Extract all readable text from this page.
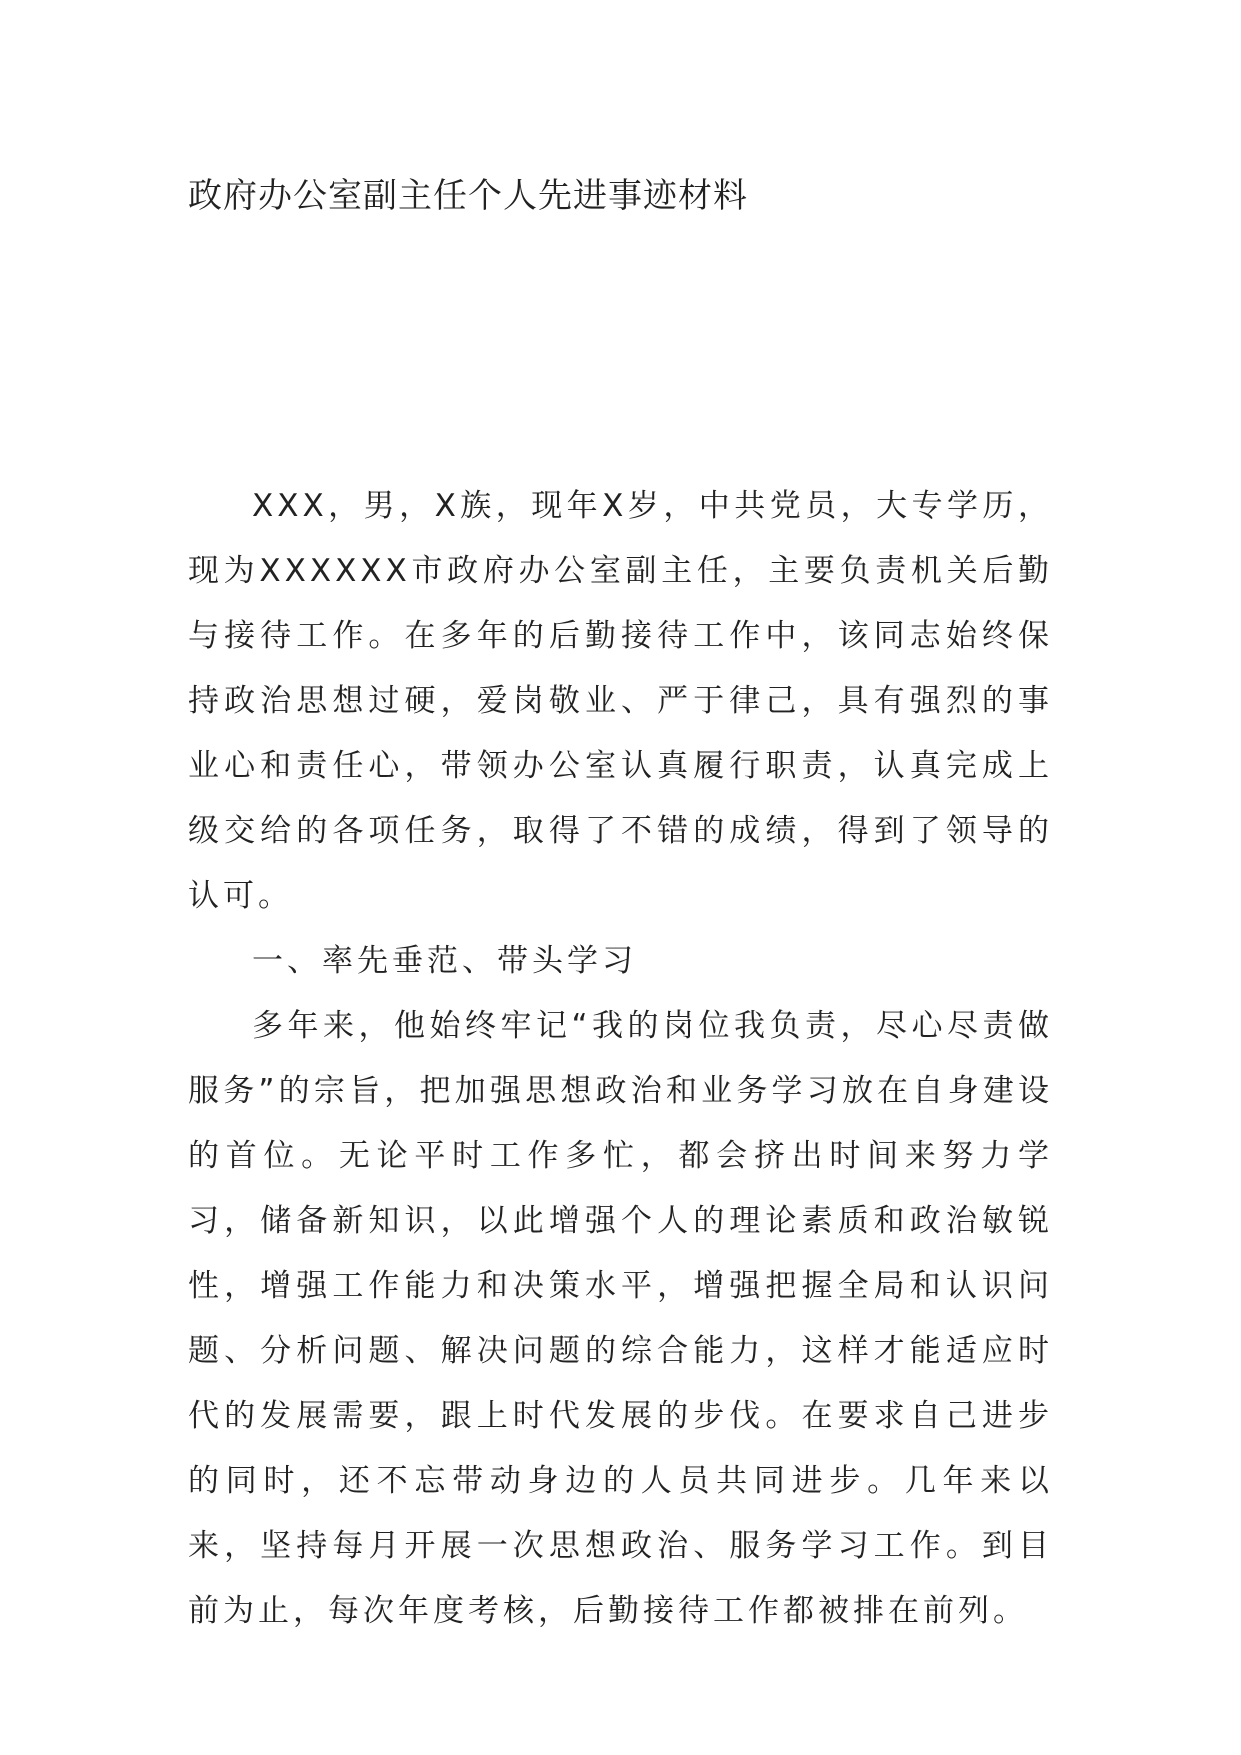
政府办公室副主任个人先进事迹材料

XXX，男，X族，现年X岁，中共党员，大专学历，现为XXXXXX市政府办公室副主任，主要负责机关后勤与接待工作。在多年的后勤接待工作中，该同志始终保持政治思想过硬，爱岗敬业、严于律己，具有强烈的事业心和责任心，带领办公室认真履行职责，认真完成上级交给的各项任务，取得了不错的成绩，得到了领导的认可。

一、率先垂范、带头学习

多年来，他始终牢记“我的岗位我负责，尽心尽责做服务”的宗旨，把加强思想政治和业务学习放在自身建设的首位。无论平时工作多忙，都会挤出时间来努力学习，储备新知识，以此增强个人的理论素质和政治敏锐性，增强工作能力和决策水平，增强把握全局和认识问题、分析问题、解决问题的综合能力，这样才能适应时代的发展需要，跟上时代发展的步伐。在要求自己进步的同时，还不忘带动身边的人员共同进步。几年来以来，坚持每月开展一次思想政治、服务学习工作。到目前为止，每次年度考核，后勤接待工作都被排在前列。
